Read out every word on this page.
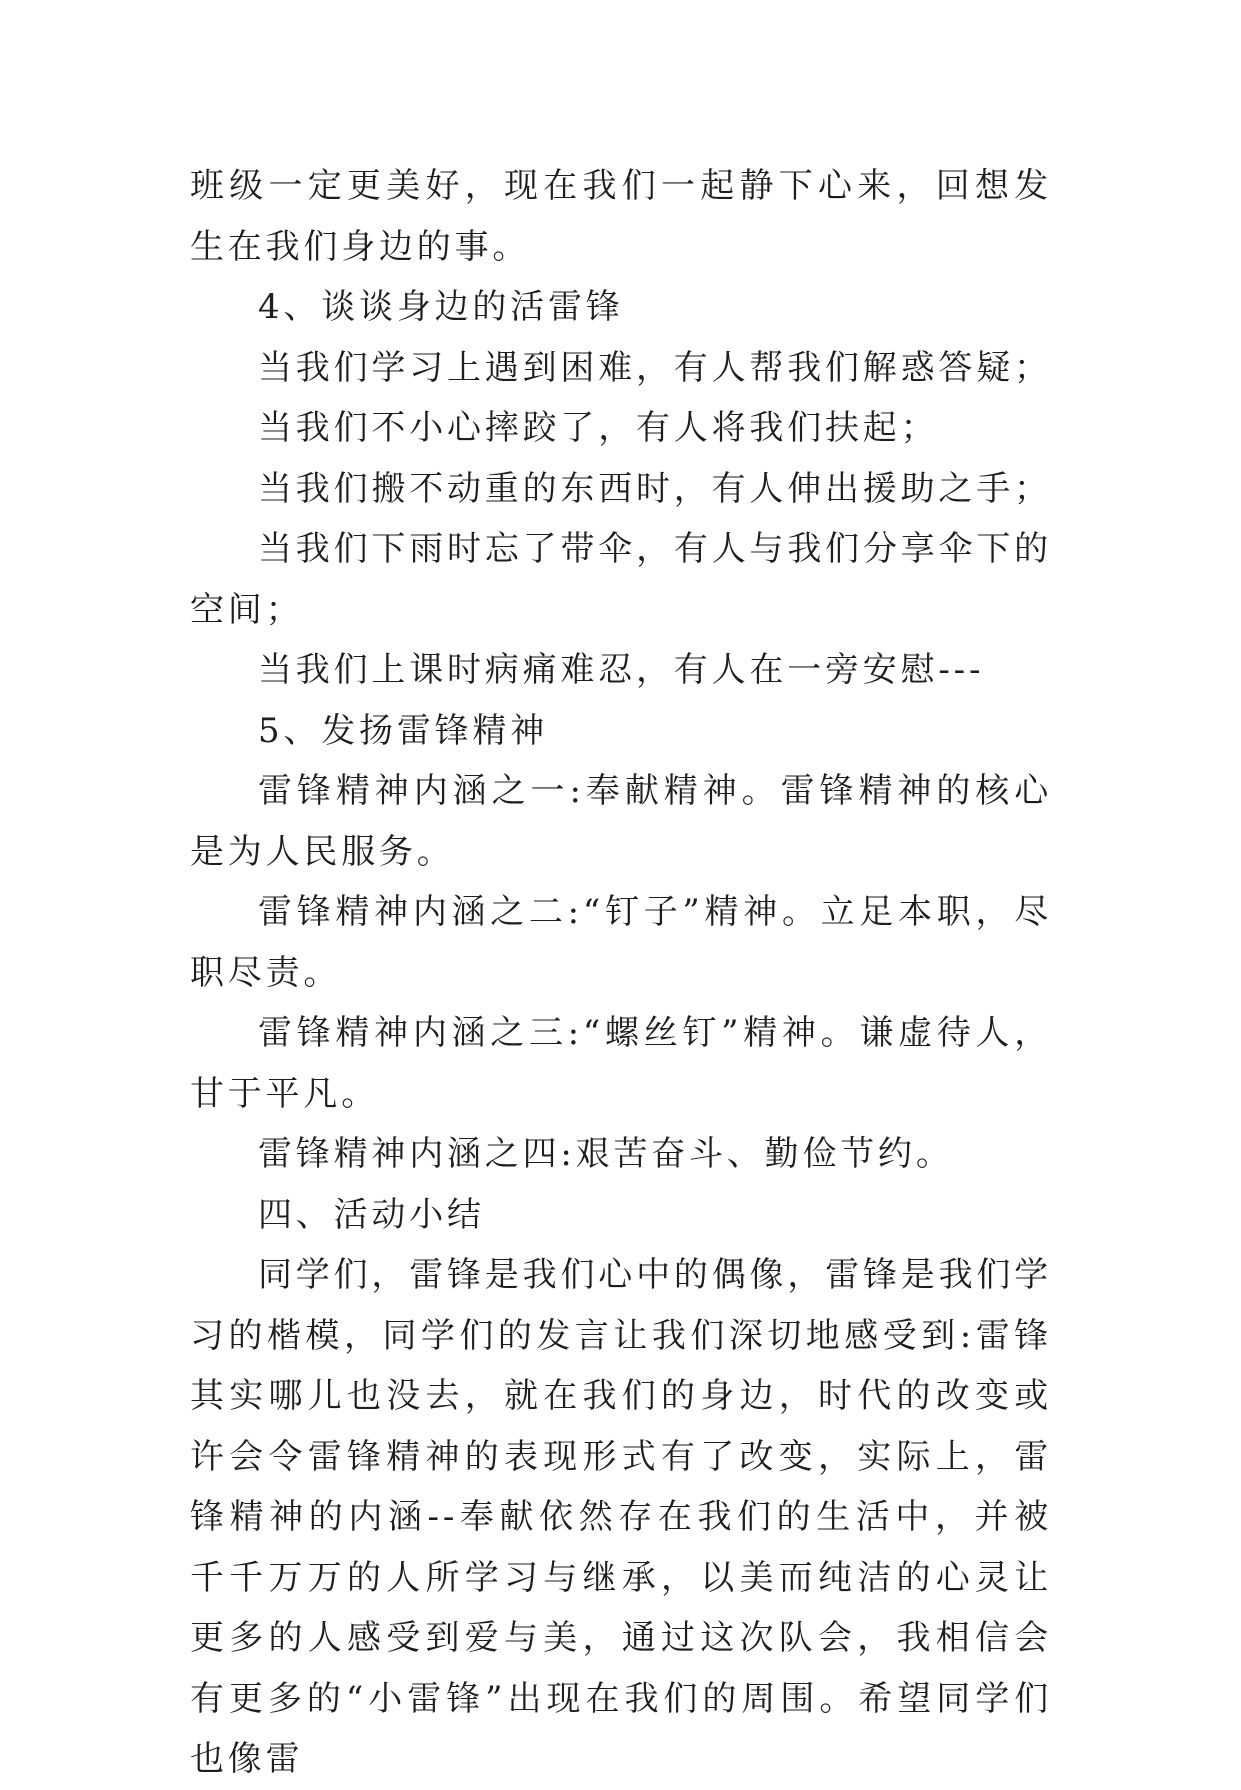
班级一定更美好，现在我们一起静下心来，回想发生在我们身边的事。

4、谈谈身边的活雷锋

当我们学习上遇到困难，有人帮我们解惑答疑；

当我们不小心摔跤了，有人将我们扶起；

当我们搬不动重的东西时，有人伸出援助之手；

当我们下雨时忘了带伞，有人与我们分享伞下的空间；

当我们上课时病痛难忍，有人在一旁安慰---

5、发扬雷锋精神

雷锋精神内涵之一:奉献精神。雷锋精神的核心是为人民服务。

雷锋精神内涵之二:“钉子”精神。立足本职，尽职尽责。

雷锋精神内涵之三:“螺丝钉”精神。谦虚待人，甘于平凡。

雷锋精神内涵之四:艰苦奋斗、勤俭节约。

四、活动小结

同学们，雷锋是我们心中的偶像，雷锋是我们学习的楷模，同学们的发言让我们深切地感受到:雷锋其实哪儿也没去，就在我们的身边，时代的改变或许会令雷锋精神的表现形式有了改变，实际上，雷锋精神的内涵--奉献依然存在我们的生活中，并被千千万万的人所学习与继承，以美而纯洁的心灵让更多的人感受到爱与美，通过这次队会，我相信会有更多的“小雷锋”出现在我们的周围。希望同学们也像雷
